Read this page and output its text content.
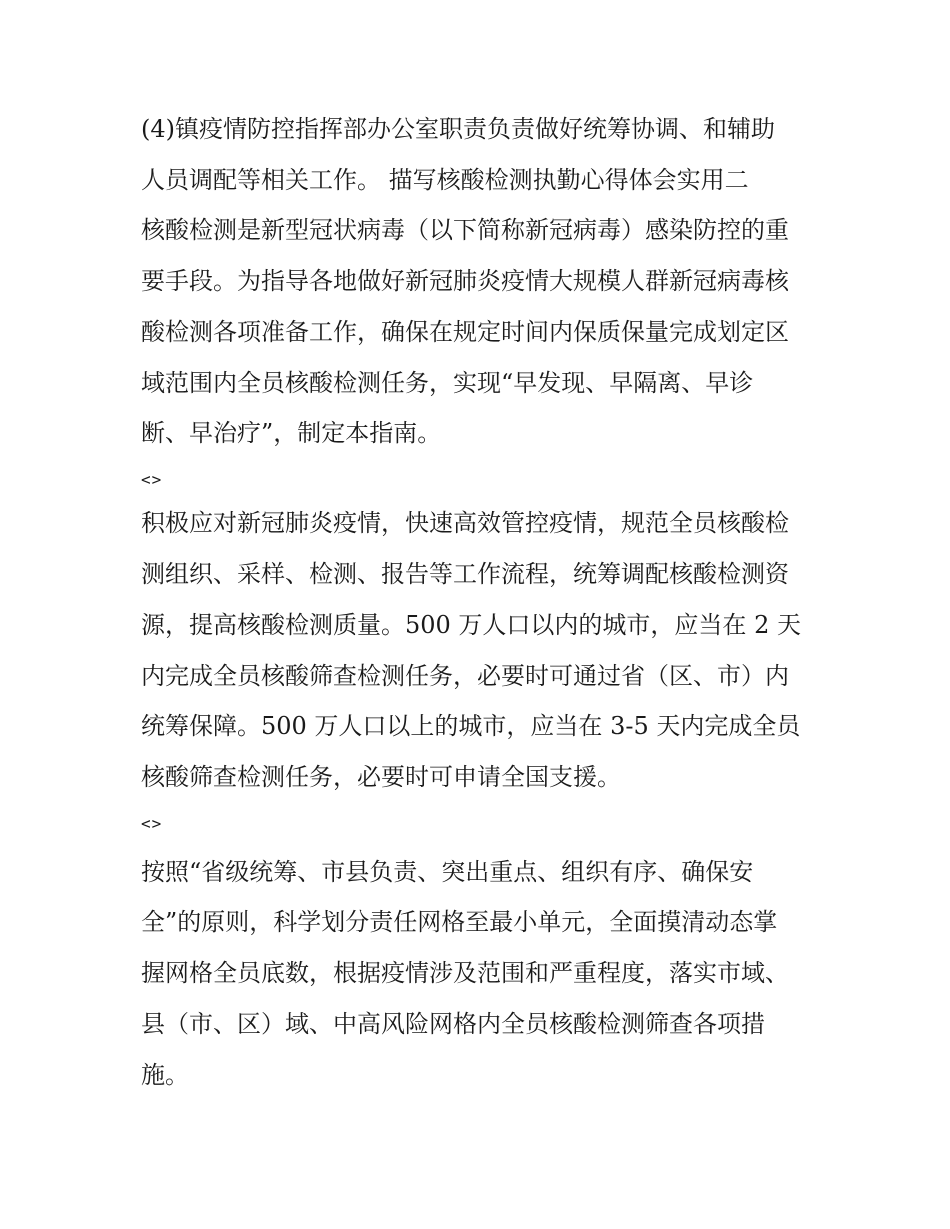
(4)镇疫情防控指挥部办公室职责负责做好统筹协调、和辅助
人员调配等相关工作。 描写核酸检测执勤心得体会实用二
核酸检测是新型冠状病毒（以下简称新冠病毒）感染防控的重
要手段。为指导各地做好新冠肺炎疫情大规模人群新冠病毒核
酸检测各项准备工作，确保在规定时间内保质保量完成划定区
域范围内全员核酸检测任务，实现“早发现、早隔离、早诊
断、早治疗”，制定本指南。
<>
积极应对新冠肺炎疫情，快速高效管控疫情，规范全员核酸检
测组织、采样、检测、报告等工作流程，统筹调配核酸检测资
源，提高核酸检测质量。500 万人口以内的城市，应当在 2 天
内完成全员核酸筛查检测任务，必要时可通过省（区、市）内
统筹保障。500 万人口以上的城市，应当在 3-5 天内完成全员
核酸筛查检测任务，必要时可申请全国支援。
<>
按照“省级统筹、市县负责、突出重点、组织有序、确保安
全”的原则，科学划分责任网格至最小单元，全面摸清动态掌
握网格全员底数，根据疫情涉及范围和严重程度，落实市域、
县（市、区）域、中高风险网格内全员核酸检测筛查各项措
施。
